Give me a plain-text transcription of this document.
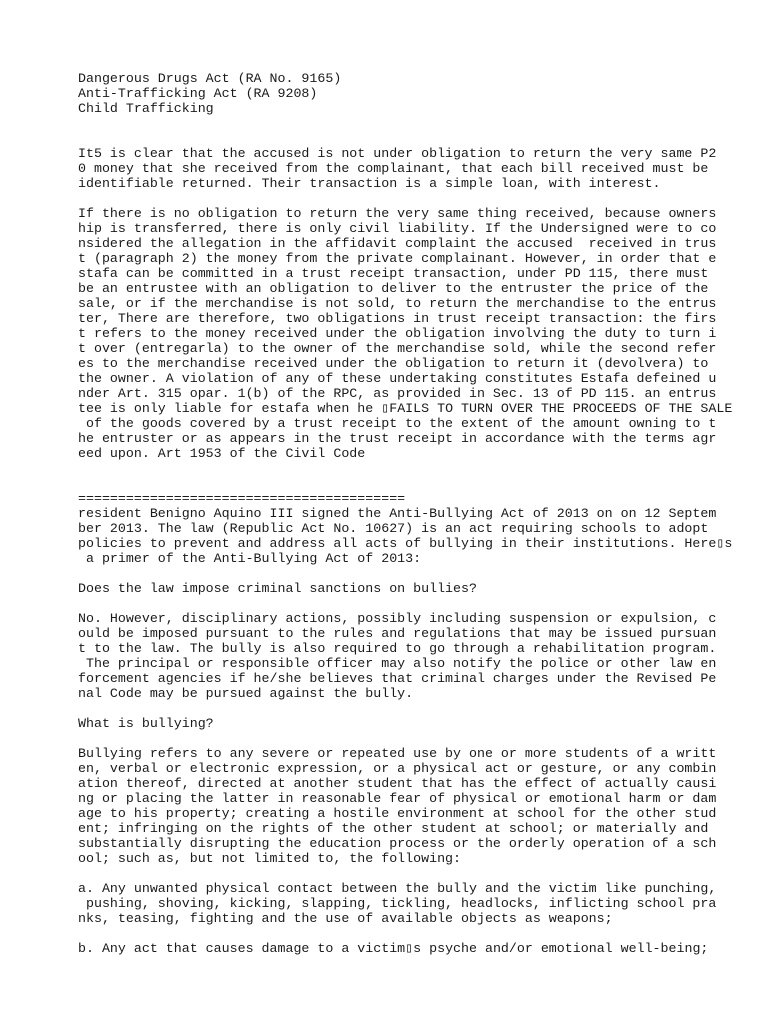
Dangerous Drugs Act (RA No. 9165)
Anti-Trafficking Act (RA 9208)
Child Trafficking
It5 is clear that the accused is not under obligation to return the very same P2
0 money that she received from the complainant, that each bill received must be
identifiable returned. Their transaction is a simple loan, with interest.
If there is no obligation to return the very same thing received, because owners
hip is transferred, there is only civil liability. If the Undersigned were to co
nsidered the allegation in the affidavit complaint the accused  received in trus
t (paragraph 2) the money from the private complainant. However, in order that e
stafa can be committed in a trust receipt transaction, under PD 115, there must
be an entrustee with an obligation to deliver to the entruster the price of the
sale, or if the merchandise is not sold, to return the merchandise to the entrus
ter, There are therefore, two obligations in trust receipt transaction: the firs
t refers to the money received under the obligation involving the duty to turn i
t over (entregarla) to the owner of the merchandise sold, while the second refer
es to the merchandise received under the obligation to return it (devolvera) to
the owner. A violation of any of these undertaking constitutes Estafa defeined u
nder Art. 315 opar. 1(b) of the RPC, as provided in Sec. 13 of PD 115. an entrus
tee is only liable for estafa when he ▯FAILS TO TURN OVER THE PROCEEDS OF THE SALE
of the goods covered by a trust receipt to the extent of the amount owning to t
he entruster or as appears in the trust receipt in accordance with the terms agr
eed upon. Art 1953 of the Civil Code
=========================================
resident Benigno Aquino III signed the Anti-Bullying Act of 2013 on on 12 Septem
ber 2013. The law (Republic Act No. 10627) is an act requiring schools to adopt
policies to prevent and address all acts of bullying in their institutions. Here▯s
a primer of the Anti-Bullying Act of 2013:
Does the law impose criminal sanctions on bullies?
No. However, disciplinary actions, possibly including suspension or expulsion, c
ould be imposed pursuant to the rules and regulations that may be issued pursuan
t to the law. The bully is also required to go through a rehabilitation program.
The principal or responsible officer may also notify the police or other law en
forcement agencies if he/she believes that criminal charges under the Revised Pe
nal Code may be pursued against the bully.
What is bullying?
Bullying refers to any severe or repeated use by one or more students of a writt
en, verbal or electronic expression, or a physical act or gesture, or any combin
ation thereof, directed at another student that has the effect of actually causi
ng or placing the latter in reasonable fear of physical or emotional harm or dam
age to his property; creating a hostile environment at school for the other stud
ent; infringing on the rights of the other student at school; or materially and
substantially disrupting the education process or the orderly operation of a sch
ool; such as, but not limited to, the following:
a. Any unwanted physical contact between the bully and the victim like punching,
pushing, shoving, kicking, slapping, tickling, headlocks, inflicting school pra
nks, teasing, fighting and the use of available objects as weapons;
b. Any act that causes damage to a victim▯s psyche and/or emotional well-being;
